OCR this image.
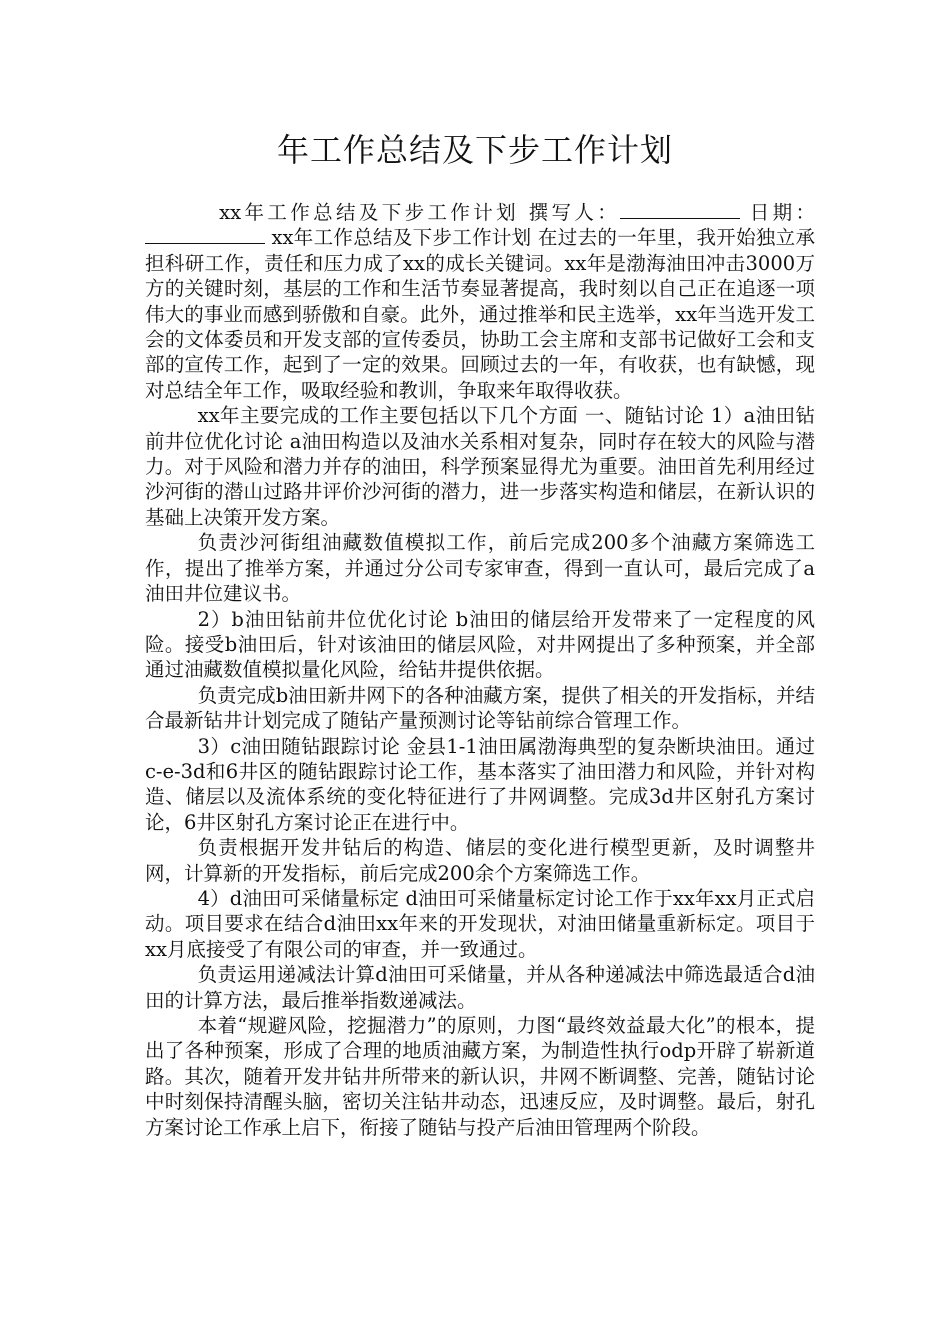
年工作总结及下步工作计划

xx年工作总结及下步工作计划 撰写人：	日期： xx年工作总结及下步工作计划 在过去的一年里，我开始独立承担科研工作，责任和压力成了xx的成长关键词。xx年是渤海油田冲击3000万方的关键时刻，基层的工作和生活节奏显著提高，我时刻以自己正在追逐一项伟大的事业而感到骄傲和自豪。此外，通过推举和民主选举，xx年当选开发工会的文体委员和开发支部的宣传委员，协助工会主席和支部书记做好工会和支部的宣传工作，起到了一定的效果。回顾过去的一年，有收获，也有缺憾，现对总结全年工作，吸取经验和教训，争取来年取得收获。

xx年主要完成的工作主要包括以下几个方面 一、随钻讨论 1）a油田钻前井位优化讨论 a油田构造以及油水关系相对复杂，同时存在较大的风险与潜力。对于风险和潜力并存的油田，科学预案显得尤为重要。油田首先利用经过沙河街的潜山过路井评价沙河街的潜力，进一步落实构造和储层，在新认识的基础上决策开发方案。

负责沙河街组油藏数值模拟工作，前后完成200多个油藏方案筛选工作，提出了推举方案，并通过分公司专家审查，得到一直认可，最后完成了a油田井位建议书。

2）b油田钻前井位优化讨论 b油田的储层给开发带来了一定程度的风险。接受b油田后，针对该油田的储层风险，对井网提出了多种预案，并全部通过油藏数值模拟量化风险，给钻井提供依据。

负责完成b油田新井网下的各种油藏方案，提供了相关的开发指标，并结合最新钻井计划完成了随钻产量预测讨论等钻前综合管理工作。

3）c油田随钻跟踪讨论 金县1-1油田属渤海典型的复杂断块油田。通过c-e-3d和6井区的随钻跟踪讨论工作，基本落实了油田潜力和风险，并针对构造、储层以及流体系统的变化特征进行了井网调整。完成3d井区射孔方案讨论，6井区射孔方案讨论正在进行中。

负责根据开发井钻后的构造、储层的变化进行模型更新，及时调整井网，计算新的开发指标，前后完成200余个方案筛选工作。

4）d油田可采储量标定 d油田可采储量标定讨论工作于xx年xx月正式启动。项目要求在结合d油田xx年来的开发现状，对油田储量重新标定。项目于xx月底接受了有限公司的审查，并一致通过。

负责运用递减法计算d油田可采储量，并从各种递减法中筛选最适合d油田的计算方法，最后推举指数递减法。

本着“规避风险，挖掘潜力”的原则，力图“最终效益最大化”的根本，提出了各种预案，形成了合理的地质油藏方案，为制造性执行odp开辟了崭新道路。其次，随着开发井钻井所带来的新认识，井网不断调整、完善，随钻讨论中时刻保持清醒头脑，密切关注钻井动态，迅速反应，及时调整。最后，射孔方案讨论工作承上启下，衔接了随钻与投产后油田管理两个阶段。
